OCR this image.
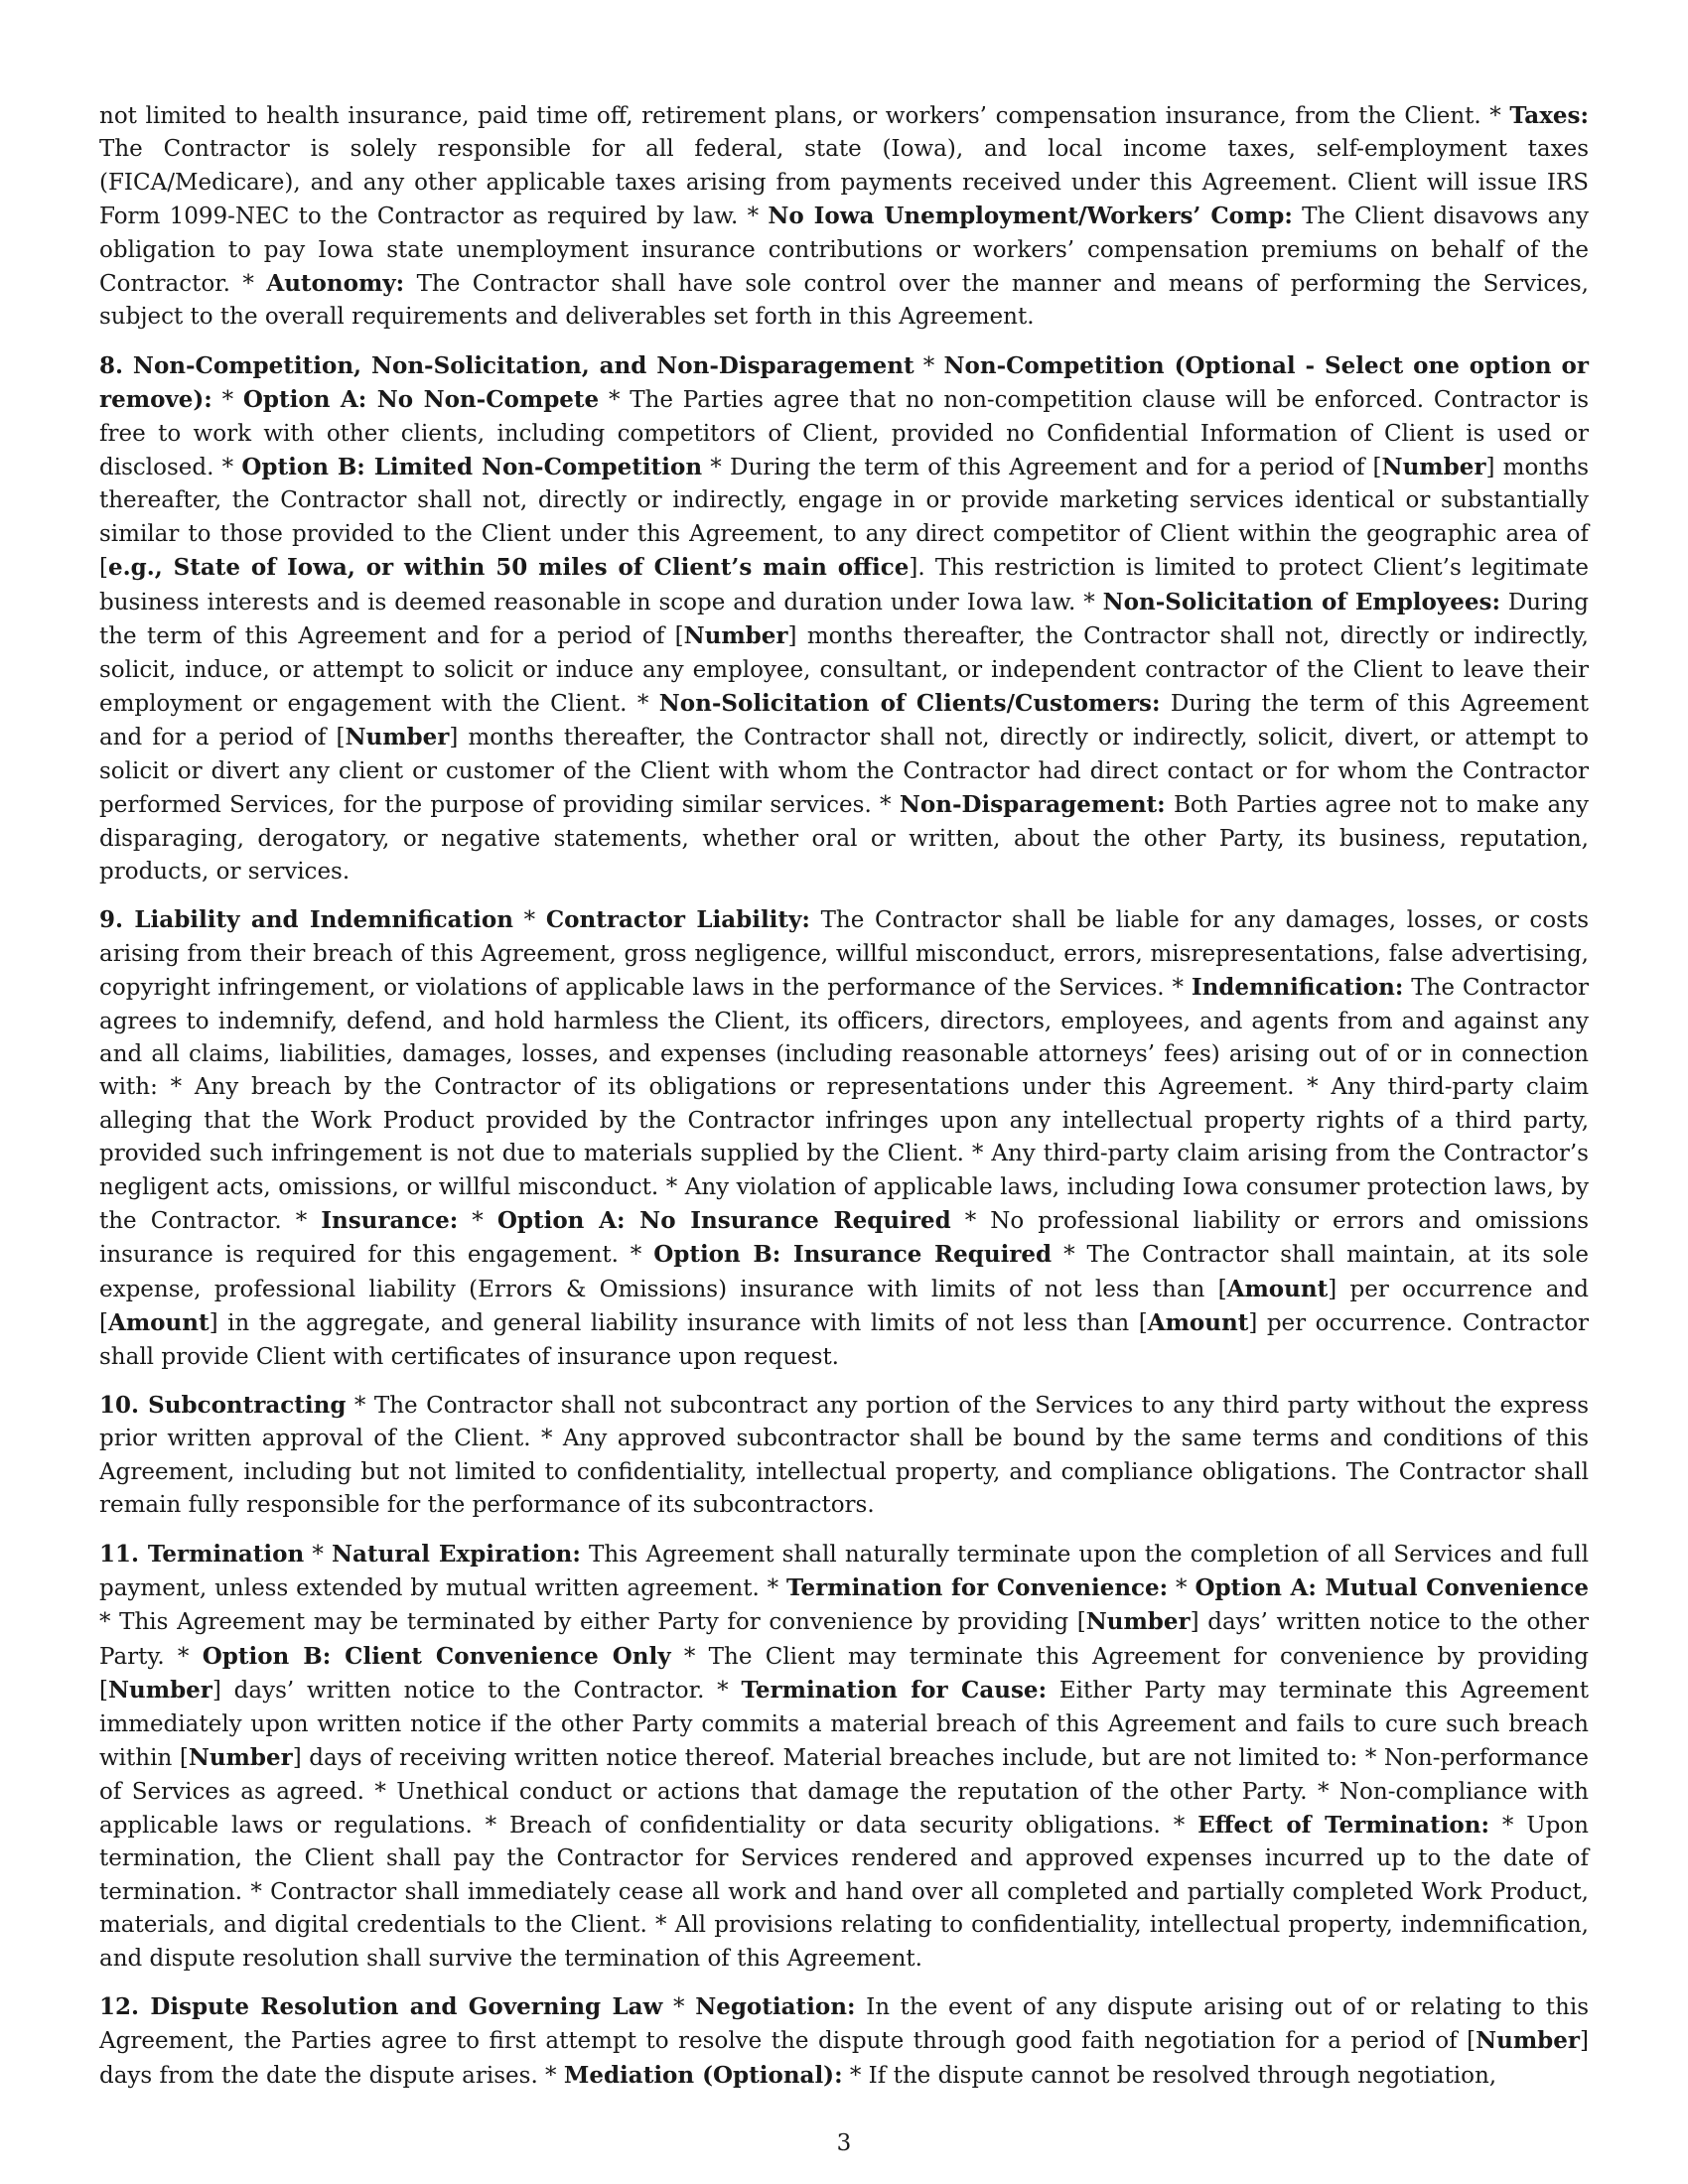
not limited to health insurance, paid time off, retirement plans, or workers’ compensation insurance, from the Client. * Taxes: The Contractor is solely responsible for all federal, state (Iowa), and local income taxes, self-employment taxes (FICA/Medicare), and any other applicable taxes arising from payments received under this Agreement. Client will issue IRS Form 1099-NEC to the Contractor as required by law. * No Iowa Unemployment/Workers’ Comp: The Client disavows any obligation to pay Iowa state unemployment insurance contributions or workers’ compensation premiums on behalf of the Contractor. * Autonomy: The Contractor shall have sole control over the manner and means of performing the Services, subject to the overall requirements and deliverables set forth in this Agreement.

8. Non-Competition, Non-Solicitation, and Non-Disparagement * Non-Competition (Optional - Select one option or remove): * Option A: No Non-Compete * The Parties agree that no non-competition clause will be enforced. Contractor is free to work with other clients, including competitors of Client, provided no Confidential Information of Client is used or disclosed. * Option B: Limited Non-Competition * During the term of this Agreement and for a period of [Number] months thereafter, the Contractor shall not, directly or indirectly, engage in or provide marketing services identical or substantially similar to those provided to the Client under this Agreement, to any direct competitor of Client within the geographic area of [e.g., State of Iowa, or within 50 miles of Client’s main office]. This restriction is limited to protect Client’s legitimate business interests and is deemed reasonable in scope and duration under Iowa law. * Non-Solicitation of Employees: During the term of this Agreement and for a period of [Number] months thereafter, the Contractor shall not, directly or indirectly, solicit, induce, or attempt to solicit or induce any employee, consultant, or independent contractor of the Client to leave their employment or engagement with the Client. * Non-Solicitation of Clients/Customers: During the term of this Agreement and for a period of [Number] months thereafter, the Contractor shall not, directly or indirectly, solicit, divert, or attempt to solicit or divert any client or customer of the Client with whom the Contractor had direct contact or for whom the Contractor performed Services, for the purpose of providing similar services. * Non-Disparagement: Both Parties agree not to make any disparaging, derogatory, or negative statements, whether oral or written, about the other Party, its business, reputation, products, or services.

9. Liability and Indemnification * Contractor Liability: The Contractor shall be liable for any damages, losses, or costs arising from their breach of this Agreement, gross negligence, willful misconduct, errors, misrepresentations, false advertising, copyright infringement, or violations of applicable laws in the performance of the Services. * Indemnification: The Contractor agrees to indemnify, defend, and hold harmless the Client, its officers, directors, employees, and agents from and against any and all claims, liabilities, damages, losses, and expenses (including reasonable attorneys’ fees) arising out of or in connection with: * Any breach by the Contractor of its obligations or representations under this Agreement. * Any third-party claim alleging that the Work Product provided by the Contractor infringes upon any intellectual property rights of a third party, provided such infringement is not due to materials supplied by the Client. * Any third-party claim arising from the Contractor’s negligent acts, omissions, or willful misconduct. * Any violation of applicable laws, including Iowa consumer protection laws, by the Contractor. * Insurance: * Option A: No Insurance Required * No professional liability or errors and omissions insurance is required for this engagement. * Option B: Insurance Required * The Contractor shall maintain, at its sole expense, professional liability (Errors & Omissions) insurance with limits of not less than [Amount] per occurrence and [Amount] in the aggregate, and general liability insurance with limits of not less than [Amount] per occurrence. Contractor shall provide Client with certificates of insurance upon request.

10. Subcontracting * The Contractor shall not subcontract any portion of the Services to any third party without the express prior written approval of the Client. * Any approved subcontractor shall be bound by the same terms and conditions of this Agreement, including but not limited to confidentiality, intellectual property, and compliance obligations. The Contractor shall remain fully responsible for the performance of its subcontractors.

11. Termination * Natural Expiration: This Agreement shall naturally terminate upon the completion of all Services and full payment, unless extended by mutual written agreement. * Termination for Convenience: * Option A: Mutual Convenience * This Agreement may be terminated by either Party for convenience by providing [Number] days’ written notice to the other Party. * Option B: Client Convenience Only * The Client may terminate this Agreement for convenience by providing [Number] days’ written notice to the Contractor. * Termination for Cause: Either Party may terminate this Agreement immediately upon written notice if the other Party commits a material breach of this Agreement and fails to cure such breach within [Number] days of receiving written notice thereof. Material breaches include, but are not limited to: * Non-performance of Services as agreed. * Unethical conduct or actions that damage the reputation of the other Party. * Non-compliance with applicable laws or regulations. * Breach of confidentiality or data security obligations. * Effect of Termination: * Upon termination, the Client shall pay the Contractor for Services rendered and approved expenses incurred up to the date of termination. * Contractor shall immediately cease all work and hand over all completed and partially completed Work Product, materials, and digital credentials to the Client. * All provisions relating to confidentiality, intellectual property, indemnification, and dispute resolution shall survive the termination of this Agreement.

12. Dispute Resolution and Governing Law * Negotiation: In the event of any dispute arising out of or relating to this Agreement, the Parties agree to first attempt to resolve the dispute through good faith negotiation for a period of [Number] days from the date the dispute arises. * Mediation (Optional): * If the dispute cannot be resolved through negotiation,

3
